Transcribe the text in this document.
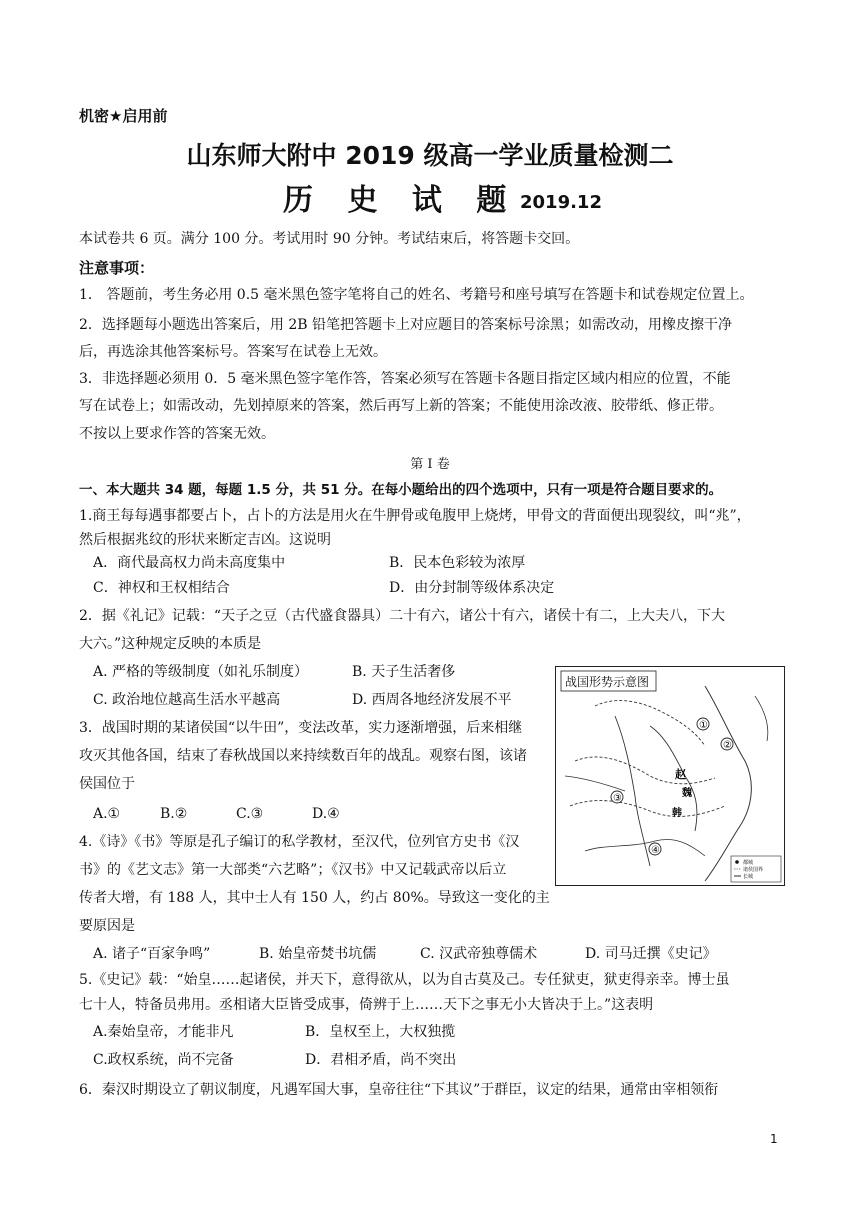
机密★启用前
山东师大附中 2019 级高一学业质量检测二
历 史 试 题 2019.12
本试卷共 6 页。满分 100 分。考试用时 90 分钟。考试结束后，将答题卡交回。
注意事项：
1． 答题前，考生务必用 0.5 毫米黑色签字笔将自己的姓名、考籍号和座号填写在答题卡和试卷规定位置上。
2．选择题每小题选出答案后，用 2B 铅笔把答题卡上对应题目的答案标号涂黑；如需改动，用橡皮擦干净
后，再选涂其他答案标号。答案写在试卷上无效。
3．非选择题必须用 0．5 毫米黑色签字笔作答，答案必须写在答题卡各题目指定区域内相应的位置，不能
写在试卷上；如需改动，先划掉原来的答案，然后再写上新的答案；不能使用涂改液、胶带纸、修正带。
不按以上要求作答的答案无效。
第 Ⅰ 卷
一、本大题共 34 题，每题 1.5 分，共 51 分。在每小题给出的四个选项中，只有一项是符合题目要求的。
1.商王每每遇事都要占卜，占卜的方法是用火在牛胛骨或龟腹甲上烧烤，甲骨文的背面便出现裂纹，叫“兆”，
然后根据兆纹的形状来断定吉凶。这说明
A．商代最高权力尚未高度集中	B．民本色彩较为浓厚
C．神权和王权相结合	D．由分封制等级体系决定
2．据《礼记》记载：“天子之豆（古代盛食器具）二十有六，诸公十有六，诸侯十有二，上大夫八，下大
大六。”这种规定反映的本质是
A. 严格的等级制度（如礼乐制度）	B. 天子生活奢侈
C. 政治地位越高生活水平越高	D. 西周各地经济发展不平
3．战国时期的某诸侯国“以牛田”，变法改革，实力逐渐增强，后来相继
攻灭其他各国，结束了春秋战国以来持续数百年的战乱。观察右图，该诸
侯国位于
A.①	B.②	C.③	D.④
4.《诗》《书》等原是孔子编订的私学教材，至汉代，位列官方史书《汉
书》的《艺文志》第一大部类“六艺略”；《汉书》中又记载武帝以后立
传者大增，有 188 人，其中士人有 150 人，约占 80%。导致这一变化的主
要原因是
A. 诸子“百家争鸣”	B. 始皇帝焚书坑儒	C. 汉武帝独尊儒术	D. 司马迁撰《史记》
5.《史记》载：“始皇……起诸侯，并天下，意得欲从，以为自古莫及己。专任狱吏，狱吏得亲幸。博士虽
七十人，特备员弗用。丞相诸大臣皆受成事，倚辨于上……天下之事无小大皆决于上。”这表明
A.秦始皇帝，才能非凡	B．皇权至上，大权独揽
C.政权系统，尚不完备	D．君相矛盾，尚不突出
6．秦汉时期设立了朝议制度，凡遇军国大事，皇帝往往“下其议”于群臣，议定的结果，通常由宰相领衔
战国形势示意图
①
②
③
④
赵
魏
韩
都城
诸侯国界
长城
1
